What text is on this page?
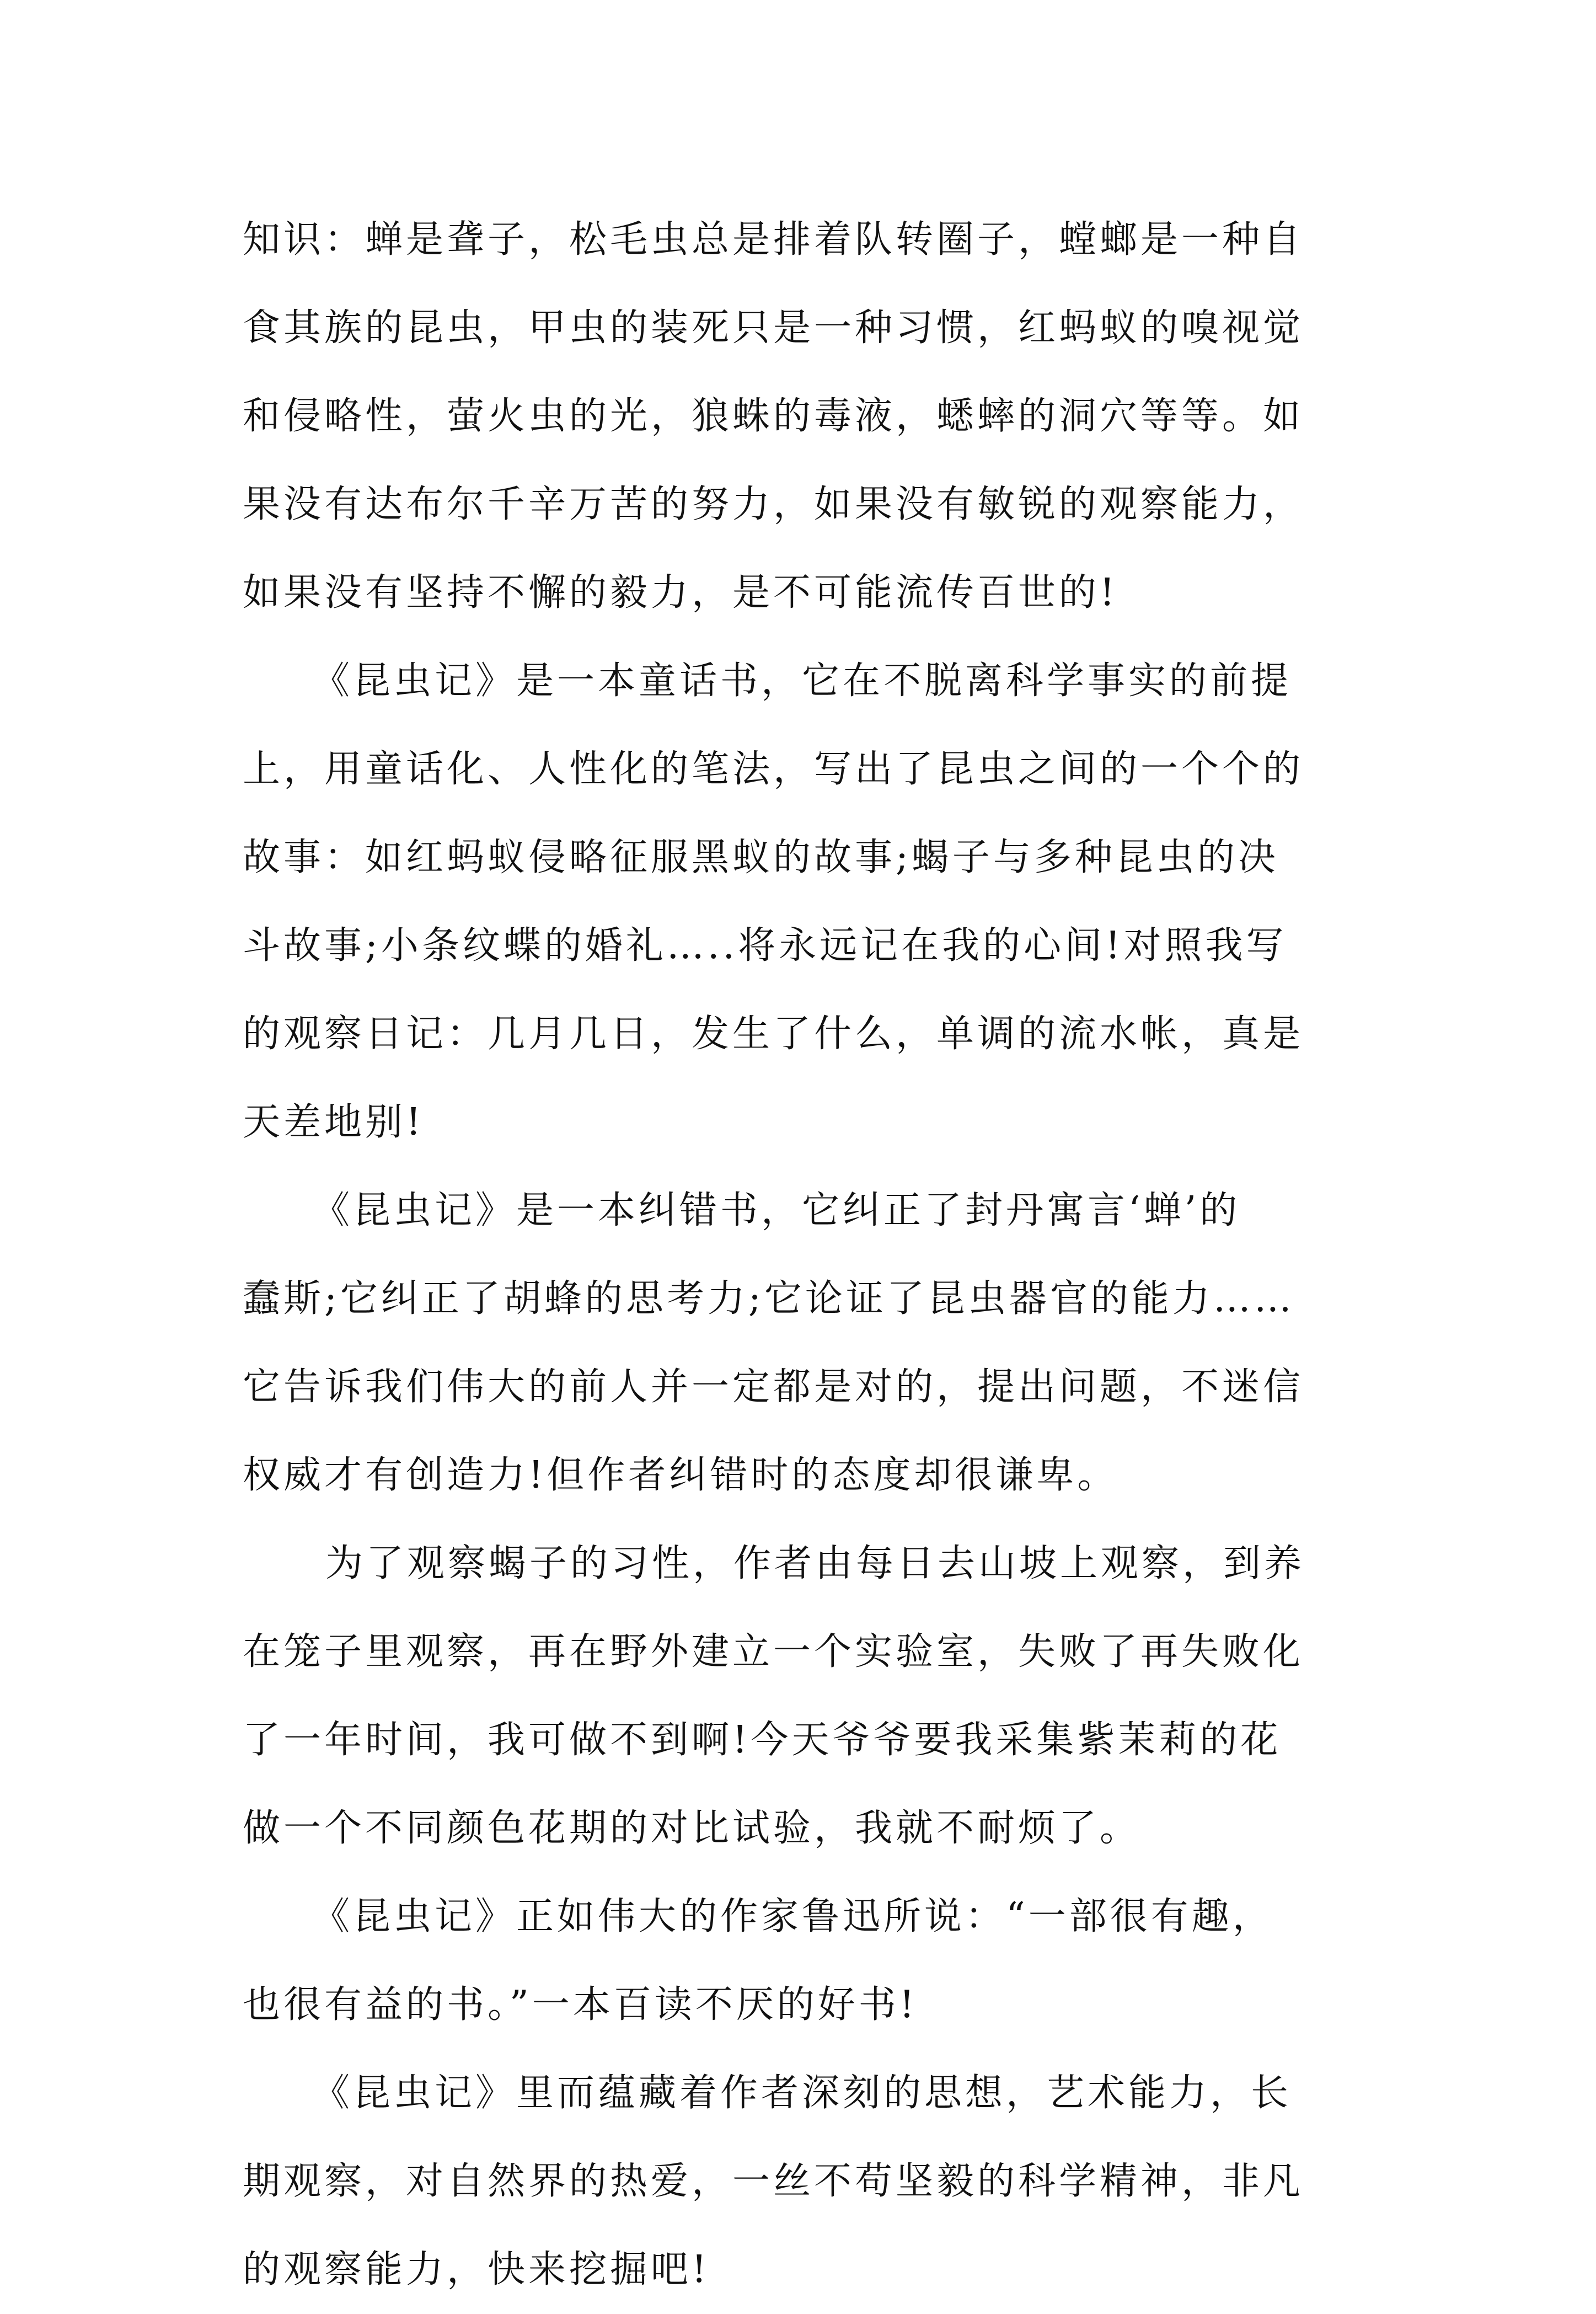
知识：蝉是聋子，松毛虫总是排着队转圈子，螳螂是一种自
食其族的昆虫，甲虫的装死只是一种习惯，红蚂蚁的嗅视觉
和侵略性，萤火虫的光，狼蛛的毒液，蟋蟀的洞穴等等。如
果没有达布尔千辛万苦的努力，如果没有敏锐的观察能力，
如果没有坚持不懈的毅力，是不可能流传百世的!

《昆虫记》是一本童话书，它在不脱离科学事实的前提
上，用童话化、人性化的笔法，写出了昆虫之间的一个个的
故事：如红蚂蚁侵略征服黑蚁的故事;蝎子与多种昆虫的决
斗故事;小条纹蝶的婚礼…..将永远记在我的心间!对照我写
的观察日记：几月几日，发生了什么，单调的流水帐，真是
天差地别!

《昆虫记》是一本纠错书，它纠正了封丹寓言‘蝉’的
蠢斯;它纠正了胡蜂的思考力;它论证了昆虫器官的能力……
它告诉我们伟大的前人并一定都是对的，提出问题，不迷信
权威才有创造力!但作者纠错时的态度却很谦卑。

为了观察蝎子的习性，作者由每日去山坡上观察，到养
在笼子里观察，再在野外建立一个实验室，失败了再失败化
了一年时间，我可做不到啊!今天爷爷要我采集紫茉莉的花
做一个不同颜色花期的对比试验，我就不耐烦了。

《昆虫记》正如伟大的作家鲁迅所说：“一部很有趣，
也很有益的书。”一本百读不厌的好书!

《昆虫记》里而蕴藏着作者深刻的思想，艺术能力，长
期观察，对自然界的热爱，一丝不苟坚毅的科学精神，非凡
的观察能力，快来挖掘吧!
